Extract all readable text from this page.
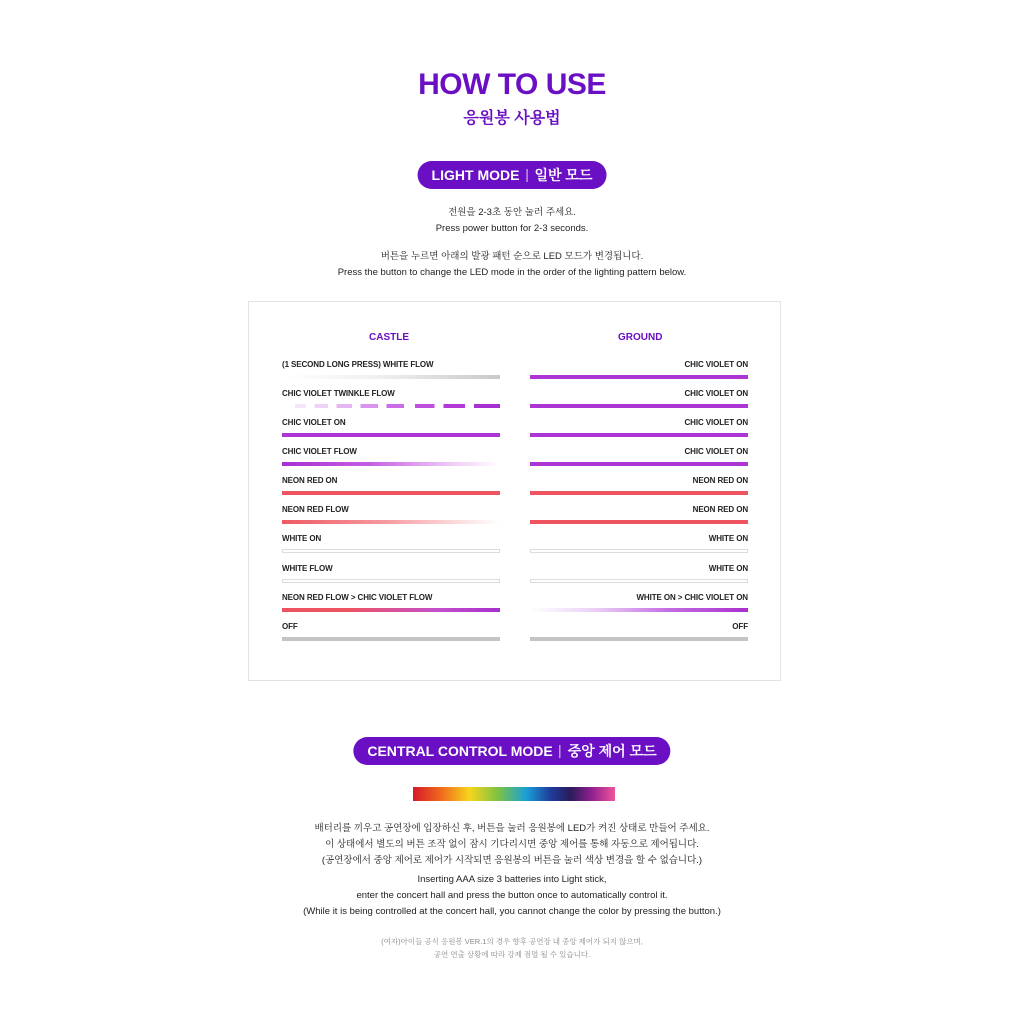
HOW TO USE
응원봉 사용법
LIGHT MODE 일반 모드
전원을 2-3초 동안 눌러 주세요.
Press power button for 2-3 seconds.
버튼을 누르면 아래의 발광 패턴 순으로 LED 모드가 변경됩니다.
Press the button to change the LED mode in the order of the lighting pattern below.
CASTLE	GROUND
(1 SECOND LONG PRESS) WHITE FLOW
CHIC VIOLET TWINKLE FLOW
CHIC VIOLET ON
CHIC VIOLET FLOW
NEON RED ON
NEON RED FLOW
WHITE ON
WHITE FLOW
NEON RED FLOW > CHIC VIOLET FLOW
OFF
CHIC VIOLET ON
CHIC VIOLET ON
CHIC VIOLET ON
CHIC VIOLET ON
NEON RED ON
NEON RED ON
WHITE ON
WHITE ON
WHITE ON > CHIC VIOLET ON
OFF
CENTRAL CONTROL MODE 중앙 제어 모드
배터리를 끼우고 공연장에 입장하신 후, 버튼을 눌러 응원봉에 LED가 켜진 상태로 만들어 주세요.
이 상태에서 별도의 버튼 조작 없이 잠시 기다리시면 중앙 제어를 통해 자동으로 제어됩니다.
(공연장에서 중앙 제어로 제어가 시작되면 응원봉의 버튼을 눌러 색상 변경을 할 수 없습니다.)
Inserting AAA size 3 batteries into Light stick,
enter the concert hall and press the button once to automatically control it.
(While it is being controlled at the concert hall, you cannot change the color by pressing the button.)
(여자)아이들 공식 응원봉 VER.1의 경우 향후 공연장 내 중앙 제어가 되지 않으며,
공연 연출 상황에 따라 강제 점멸 될 수 있습니다.
